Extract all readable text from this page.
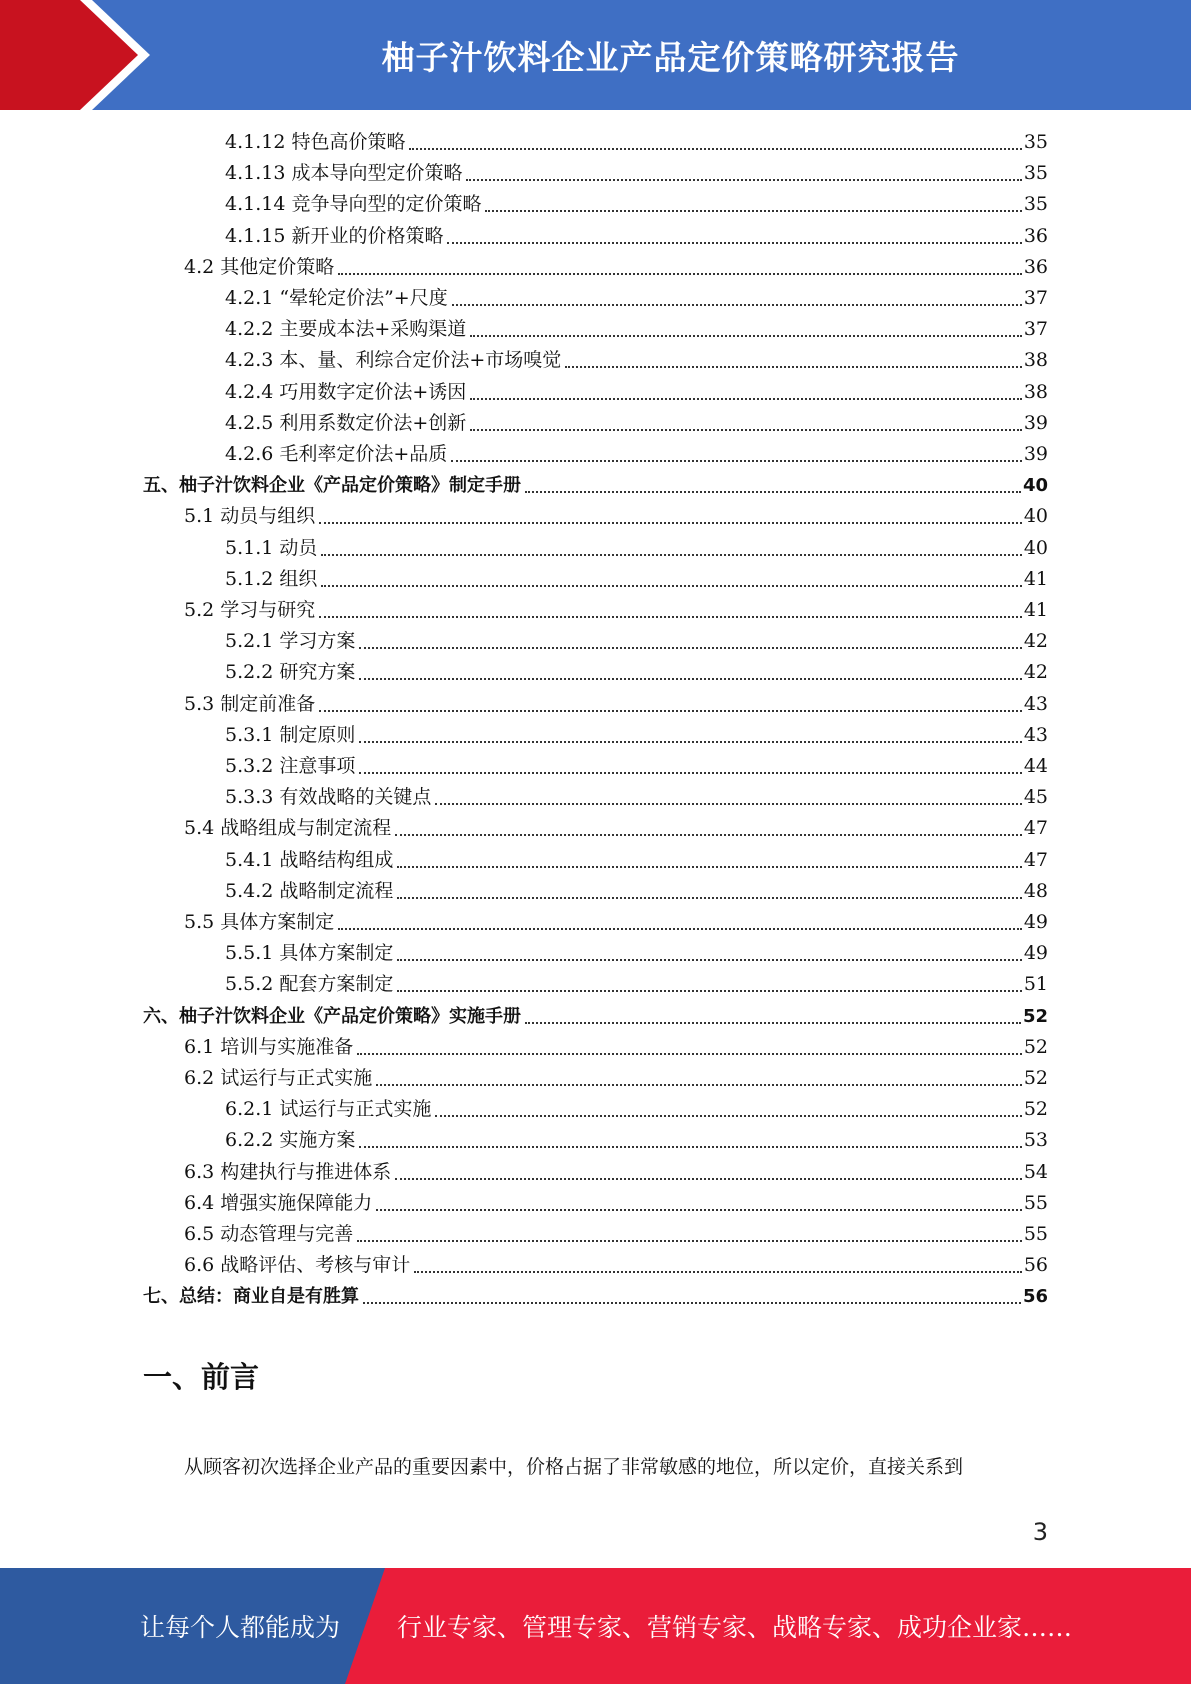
柚子汁饮料企业产品定价策略研究报告
4.1.12 特色高价策略	35
4.1.13 成本导向型定价策略	35
4.1.14 竞争导向型的定价策略	35
4.1.15 新开业的价格策略	36
4.2 其他定价策略	36
4.2.1 “晕轮定价法”+尺度	37
4.2.2 主要成本法+采购渠道	37
4.2.3 本、量、利综合定价法+市场嗅觉	38
4.2.4 巧用数字定价法+诱因	38
4.2.5 利用系数定价法+创新	39
4.2.6 毛利率定价法+品质	39
五、柚子汁饮料企业《产品定价策略》制定手册	40
5.1 动员与组织	40
5.1.1 动员	40
5.1.2 组织	41
5.2 学习与研究	41
5.2.1 学习方案	42
5.2.2 研究方案	42
5.3 制定前准备	43
5.3.1 制定原则	43
5.3.2 注意事项	44
5.3.3 有效战略的关键点	45
5.4 战略组成与制定流程	47
5.4.1 战略结构组成	47
5.4.2 战略制定流程	48
5.5 具体方案制定	49
5.5.1 具体方案制定	49
5.5.2 配套方案制定	51
六、柚子汁饮料企业《产品定价策略》实施手册	52
6.1 培训与实施准备	52
6.2 试运行与正式实施	52
6.2.1 试运行与正式实施	52
6.2.2 实施方案	53
6.3 构建执行与推进体系	54
6.4 增强实施保障能力	55
6.5 动态管理与完善	55
6.6 战略评估、考核与审计	56
七、总结：商业自是有胜算	56
一、前言
从顾客初次选择企业产品的重要因素中，价格占据了非常敏感的地位，所以定价，直接关系到
3
让每个人都能成为 行业专家、管理专家、营销专家、战略专家、成功企业家……
